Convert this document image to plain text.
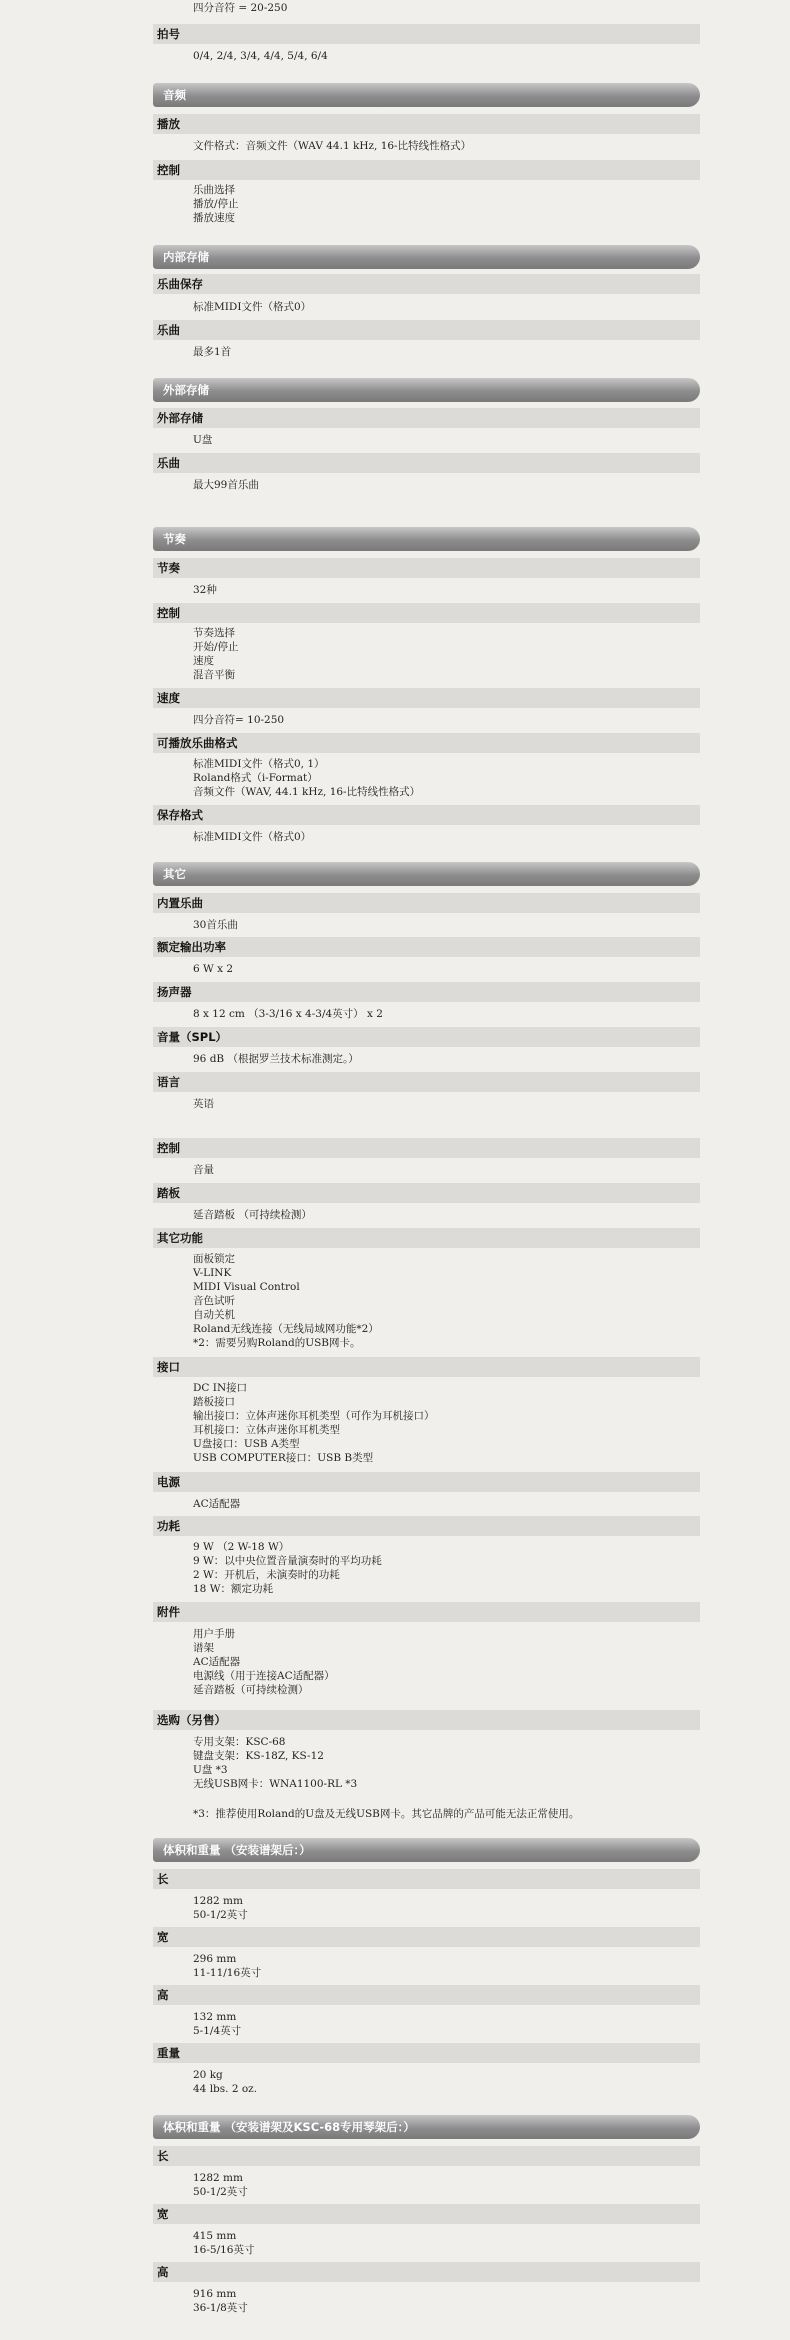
四分音符 = 20-250
拍号
0/4, 2/4, 3/4, 4/4, 5/4, 6/4
音频
播放
文件格式：音频文件（WAV 44.1 kHz, 16-比特线性格式）
控制
乐曲选择
播放/停止
播放速度
内部存储
乐曲保存
标准MIDI文件（格式0）
乐曲
最多1首
外部存储
外部存储
U盘
乐曲
最大99首乐曲
节奏
节奏
32种
控制
节奏选择
开始/停止
速度
混音平衡
速度
四分音符= 10-250
可播放乐曲格式
标准MIDI文件（格式0, 1）
Roland格式（i-Format）
音频文件（WAV, 44.1 kHz, 16-比特线性格式）
保存格式
标准MIDI文件（格式0）
其它
内置乐曲
30首乐曲
额定输出功率
6 W x 2
扬声器
8 x 12 cm （3-3/16 x 4-3/4英寸） x 2
音量（SPL）
96 dB （根据罗兰技术标准测定。）
语言
英语
控制
音量
踏板
延音踏板 （可持续检测）
其它功能
面板锁定
V-LINK
MIDI Visual Control
音色试听
自动关机
Roland无线连接（无线局域网功能*2）
*2：需要另购Roland的USB网卡。
接口
DC IN接口
踏板接口
输出接口：立体声迷你耳机类型（可作为耳机接口）
耳机接口：立体声迷你耳机类型
U盘接口：USB A类型
USB COMPUTER接口：USB B类型
电源
AC适配器
功耗
9 W （2 W-18 W）
9 W：以中央位置音量演奏时的平均功耗
2 W：开机后，未演奏时的功耗
18 W：额定功耗
附件
用户手册
谱架
AC适配器
电源线（用于连接AC适配器）
延音踏板（可持续检测）
选购（另售）
专用支架：KSC-68
键盘支架：KS-18Z, KS-12
U盘 *3
无线USB网卡：WNA1100-RL *3
*3：推荐使用Roland的U盘及无线USB网卡。其它品牌的产品可能无法正常使用。
体积和重量 （安装谱架后：）
长
1282 mm
50-1/2英寸
宽
296 mm
11-11/16英寸
高
132 mm
5-1/4英寸
重量
20 kg
44 lbs. 2 oz.
体积和重量 （安装谱架及KSC-68专用琴架后：）
长
1282 mm
50-1/2英寸
宽
415 mm
16-5/16英寸
高
916 mm
36-1/8英寸
